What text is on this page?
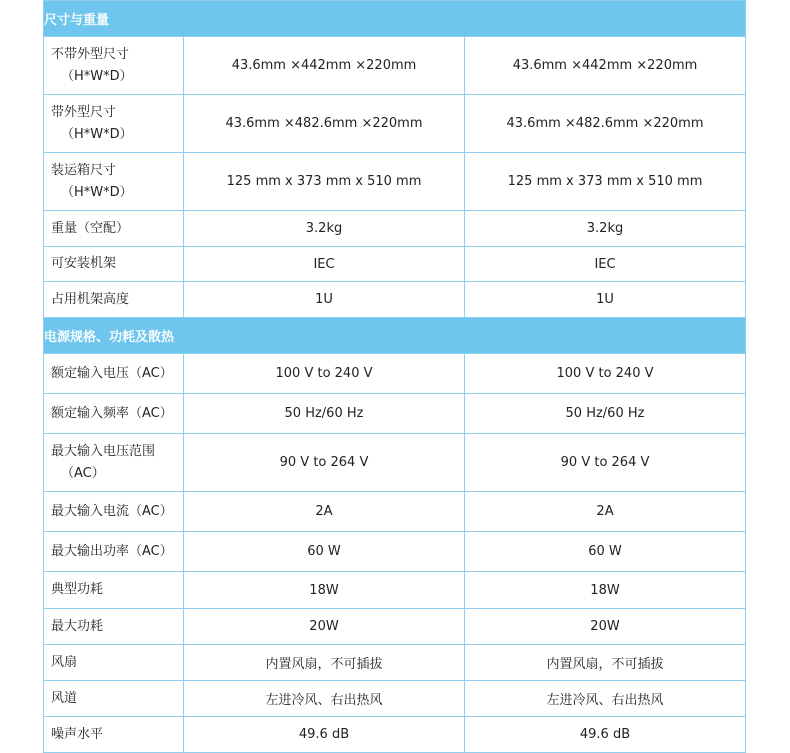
尺寸与重量		

不带外型尺寸
（H*W*D）	43.6mm ×442mm ×220mm	43.6mm ×442mm ×220mm

带外型尺寸
（H*W*D）	43.6mm ×482.6mm ×220mm	43.6mm ×482.6mm ×220mm

装运箱尺寸
（H*W*D）	125 mm x 373 mm x 510 mm	125 mm x 373 mm x 510 mm
重量（空配）	3.2kg	3.2kg
可安装机架	IEC	IEC
占用机架高度	1U	1U
电源规格、功耗及散热		
额定输入电压（AC）	100 V to 240 V	100 V to 240 V
额定输入频率（AC）	50 Hz/60 Hz	50 Hz/60 Hz

最大输入电压范围
（AC）	90 V to 264 V	90 V to 264 V
最大输入电流（AC）	2A	2A
最大输出功率（AC）	60 W	60 W
典型功耗	18W	18W
最大功耗	20W	20W
风扇	内置风扇，不可插拔	内置风扇，不可插拔
风道	左进冷风、右出热风	左进冷风、右出热风
噪声水平	49.6 dB	49.6 dB
